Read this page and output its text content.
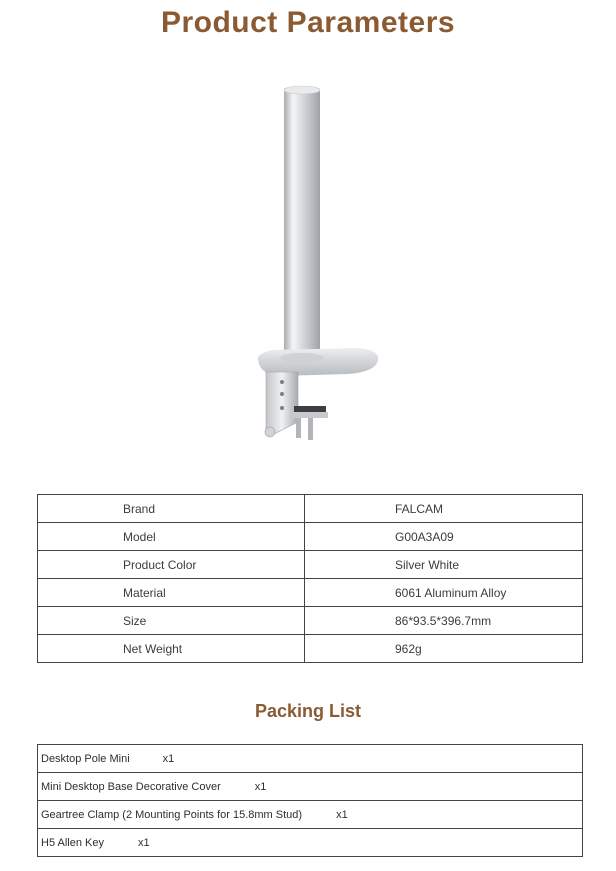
Product Parameters
Brand	FALCAM
Model	G00A3A09
Product Color	Silver White
Material	6061 Aluminum Alloy
Size	86*93.5*396.7mm
Net Weight	962g
Packing List
Desktop Pole Mini	x1
Mini Desktop Base Decorative Cover	x1
Geartree Clamp (2 Mounting Points for 15.8mm Stud)	x1
H5 Allen Key	x1
